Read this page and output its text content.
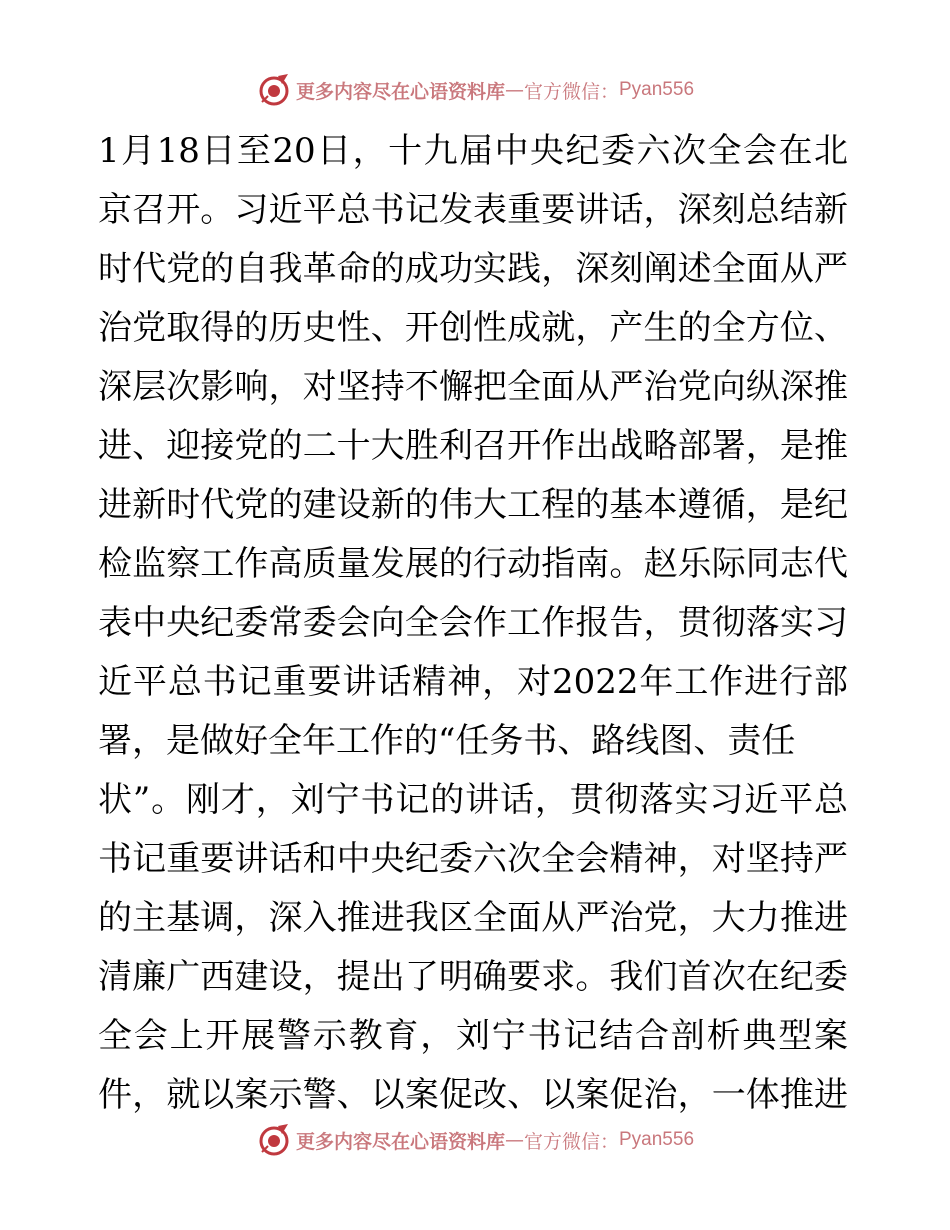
更多内容尽在心语资料库 — 官方微信： Pyan556
1月18日至20日，十九届中央纪委六次全会在北
京召开。习近平总书记发表重要讲话，深刻总结新
时代党的自我革命的成功实践，深刻阐述全面从严
治党取得的历史性、开创性成就，产生的全方位、
深层次影响，对坚持不懈把全面从严治党向纵深推
进、迎接党的二十大胜利召开作出战略部署，是推
进新时代党的建设新的伟大工程的基本遵循，是纪
检监察工作高质量发展的行动指南。赵乐际同志代
表中央纪委常委会向全会作工作报告，贯彻落实习
近平总书记重要讲话精神，对2022年工作进行部
署，是做好全年工作的“任务书、路线图、责任
状”。刚才，刘宁书记的讲话，贯彻落实习近平总
书记重要讲话和中央纪委六次全会精神，对坚持严
的主基调，深入推进我区全面从严治党，大力推进
清廉广西建设，提出了明确要求。我们首次在纪委
全会上开展警示教育，刘宁书记结合剖析典型案
件，就以案示警、以案促改、以案促治，一体推进
更多内容尽在心语资料库 — 官方微信： Pyan556
